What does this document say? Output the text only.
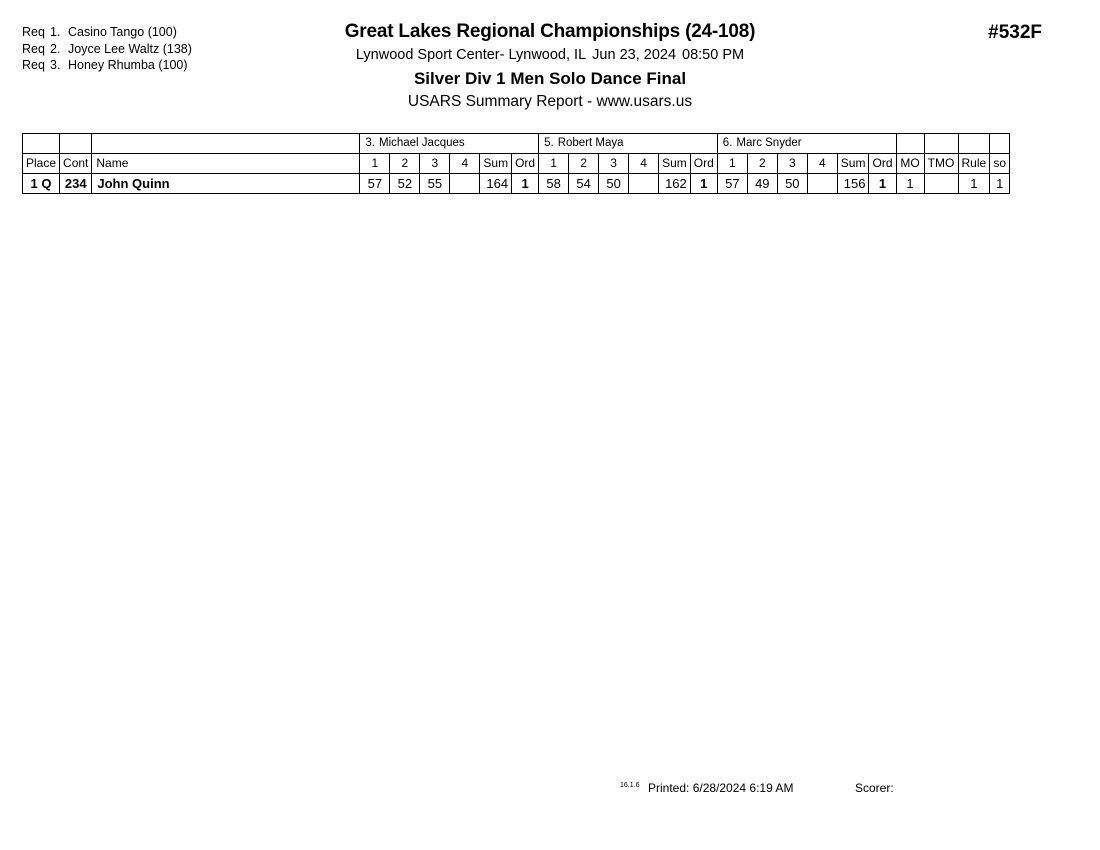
Req 1. Casino Tango (100)
Req 2. Joyce Lee Waltz (138)
Req 3. Honey Rhumba (100)
Great Lakes Regional Championships (24-108)
Lynwood Sport Center- Lynwood, IL Jun 23, 2024 08:50 PM
Silver Div 1 Men Solo Dance Final
USARS Summary Report - www.usars.us
#532F
			3. Michael Jacques						5. Robert Maya						6. Marc Snyder									
Place	Cont	Name	1	2	3	4	Sum	Ord	1	2	3	4	Sum	Ord	1	2	3	4	Sum	Ord	MO	TMO	Rule	so
1 Q	234	John Quinn	57	52	55		164	1	58	54	50		162	1	57	49	50		156	1	1		1	1
16.1.6 Printed: 6/28/2024 6:19 AM	Scorer:
